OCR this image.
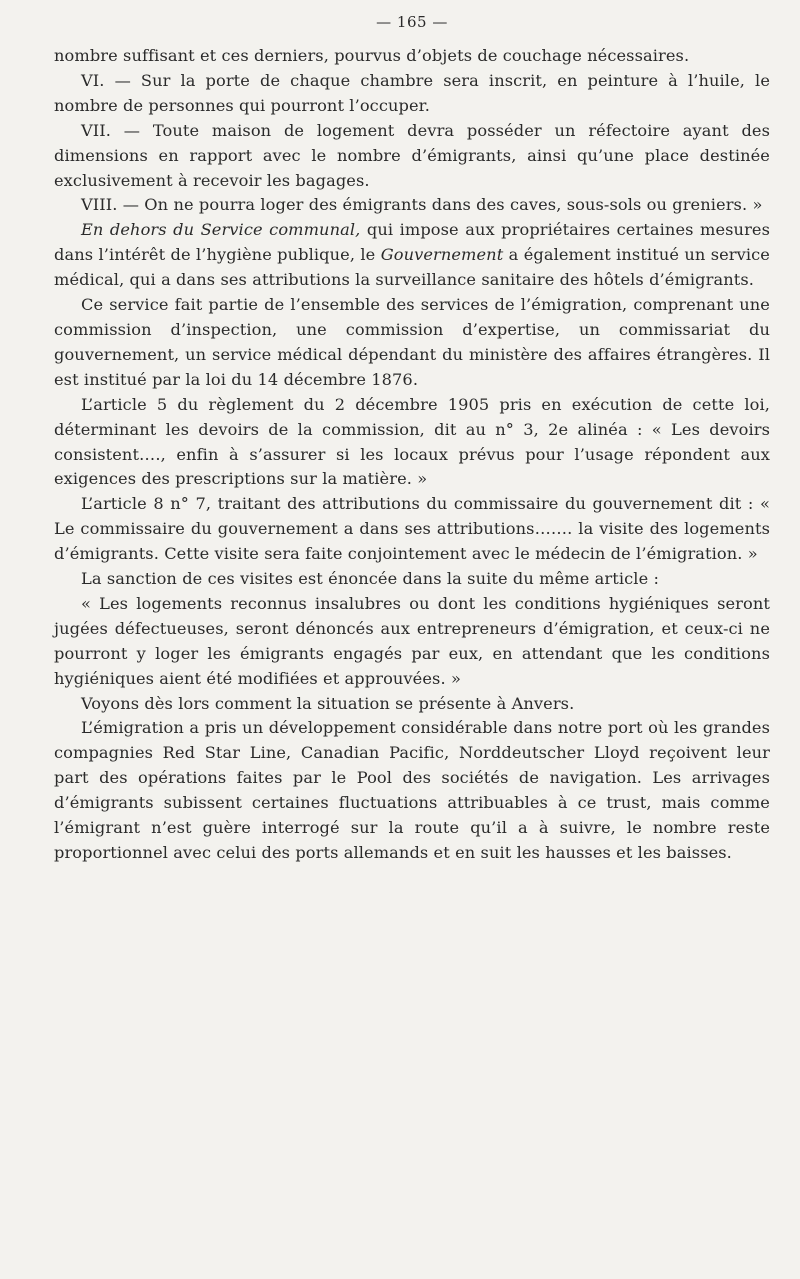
— 165 —

nombre suffisant et ces derniers, pourvus d’objets de couchage nécessaires.

VI. — Sur la porte de chaque chambre sera inscrit, en peinture à l’huile, le nombre de personnes qui pourront l’occuper.

VII. — Toute maison de logement devra posséder un réfectoire ayant des dimensions en rapport avec le nombre d’émigrants, ainsi qu’une place destinée exclusivement à recevoir les bagages.

VIII. — On ne pourra loger des émigrants dans des caves, sous-sols ou greniers. »

En dehors du Service communal, qui impose aux propriétaires certaines mesures dans l’intérêt de l’hygiène publique, le Gouvernement a également institué un service médical, qui a dans ses attributions la surveillance sanitaire des hôtels d’émigrants.

Ce service fait partie de l’ensemble des services de l’émigration, comprenant une commission d’inspection, une commission d’expertise, un commissariat du gouvernement, un service médical dépendant du ministère des affaires étrangères. Il est institué par la loi du 14 décembre 1876.

L’article 5 du règlement du 2 décembre 1905 pris en exécution de cette loi, déterminant les devoirs de la commission, dit au n° 3, 2e alinéa : « Les devoirs consistent…., enfin à s’assurer si les locaux prévus pour l’usage répondent aux exigences des prescriptions sur la matière. »

L’article 8 n° 7, traitant des attributions du commissaire du gouvernement dit : « Le commissaire du gouvernement a dans ses attributions……. la visite des logements d’émigrants. Cette visite sera faite conjointement avec le médecin de l’émigration. »

La sanction de ces visites est énoncée dans la suite du même article :

« Les logements reconnus insalubres ou dont les conditions hygiéniques seront jugées défectueuses, seront dénoncés aux entrepreneurs d’émigration, et ceux-ci ne pourront y loger les émigrants engagés par eux, en attendant que les conditions hygiéniques aient été modifiées et approuvées. »

Voyons dès lors comment la situation se présente à Anvers.

L’émigration a pris un développement considérable dans notre port où les grandes compagnies Red Star Line, Canadian Pacific, Norddeutscher Lloyd reçoivent leur part des opérations faites par le Pool des sociétés de navigation. Les arrivages d’émigrants subissent certaines fluctuations attribuables à ce trust, mais comme l’émigrant n’est guère interrogé sur la route qu’il a à suivre, le nombre reste proportionnel avec celui des ports allemands et en suit les hausses et les baisses.
